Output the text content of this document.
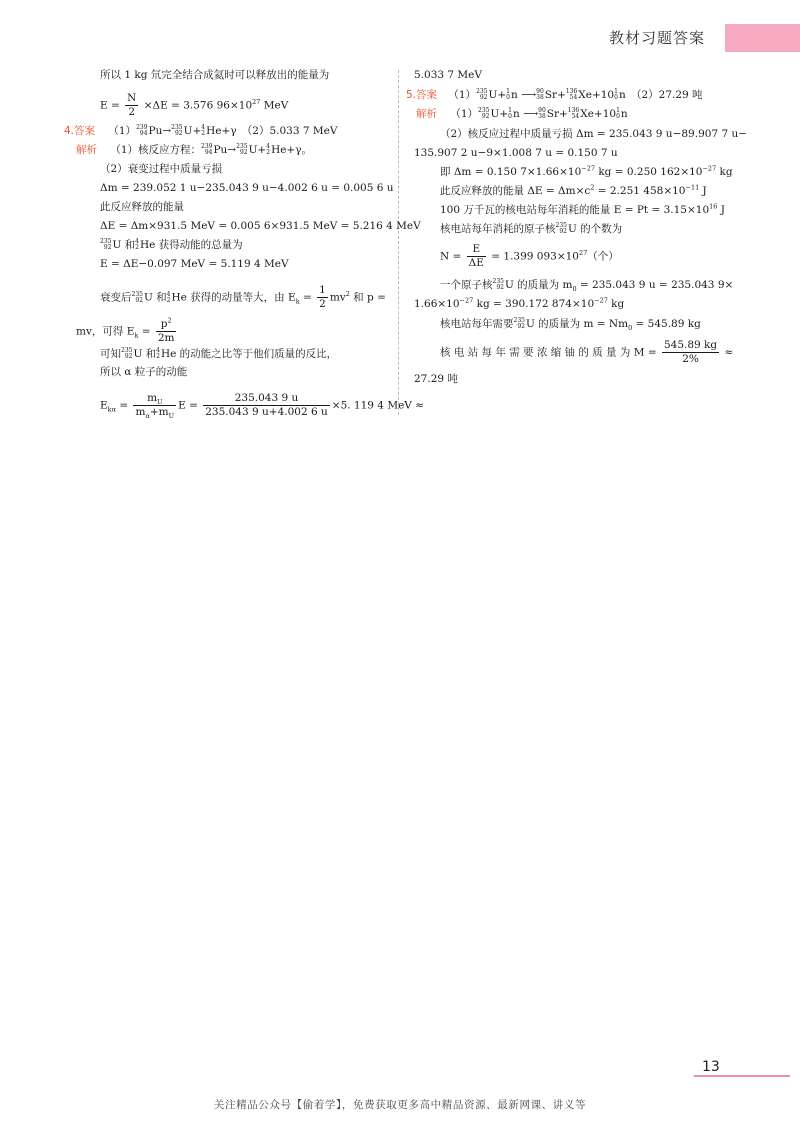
教材习题答案
所以 1 kg 氘完全结合成氦时可以释放出的能量为
$E = \frac{N}{2} \times\Delta E = 3.576$ $96\times 10^{27}$ MeV
4.答案 （1） 239
94 Pu→ 235
92 U+ 4
2 He+γ　（2）5.033 7 MeV
解析 （1）核反应方程： 239
94 Pu→ 235
92 U+ 4
2 He+γ。
（2）衰变过程中质量亏损
Δm = 239.052 1 u−235.043 9 u−4.002 6 u = 0.005 6 u
此反应释放的能量
ΔE = Δm×931.5 MeV = 0.005 6×931.5 MeV = 5.216 4 MeV
235
92 U 和 4
2 He 获得动能的总量为
E = ΔE−0.097 MeV = 5.119 4 MeV
衰变后 235
92 U 和 4
2 He 获得的动量等大，由 $E_k = \frac{1}{2} mv^2$ 和 p =
mv，可得 $E_k = \frac{p^2}{2m}$
可知 235
92 U 和 4
2 He 的动能之比等于他们质量的反比，
所以 α 粒子的动能
$E_{k\alpha} = \frac{m_U}{m_\alpha+m_U}$ $E = \frac{235.043 9 u}{235.043 9 u+4.002 6 u} \times 5$. 119 4 MeV ≈
5.033 7 MeV
5.答案 （1） 235
92 U+ 1
0 n ⟶ 90
38 Sr+ 136
54 Xe+10 1
0 n　（2）27.29 吨
解析 （1） 235
92 U+ 1
0 n ⟶ 90
38 Sr+ 136
54 Xe+10 1
0 n
（2）核反应过程中质量亏损 Δm = 235.043 9 u−89.907 7 u−
135.907 2 u−9×1.008 7 u = 0.150 7 u
即 Δm = 0.150 $7\times 1.66\times 10^{-27}$ kg = 0.250 $162\times 10^{-27}$ kg
此反应释放的能量 $\Delta E = \Delta m\times c^2 = 2.251$ $458\times 10^{-11}$ J
100 万千瓦的核电站每年消耗的能量 $E = Pt = 3.15\times 10^{16}$ J
核电站每年消耗的原子核 235
92 U 的个数为
$N = \frac{E}{\Delta E} = 1.399$ $093\times 10^{27}$（个）
一个原子核 235
92 U 的质量为 $m_0 = 235.043$ 9 u = 235.043 9×
$1.66\times 10^{-27}$ kg = 390.172 $874\times 10^{-27}$ kg
核电站每年需要 235
92 U 的质量为 $m = Nm_0 = 545.89$ kg
核 电 站 每 年 需 要 浓 缩 铀 的 质 量 为 $M = \frac{545.89 kg}{2\%}$ ≈
27.29 吨
13
关注精品公众号【偷着学】，免费获取更多高中精品资源、最新网课、讲义等
